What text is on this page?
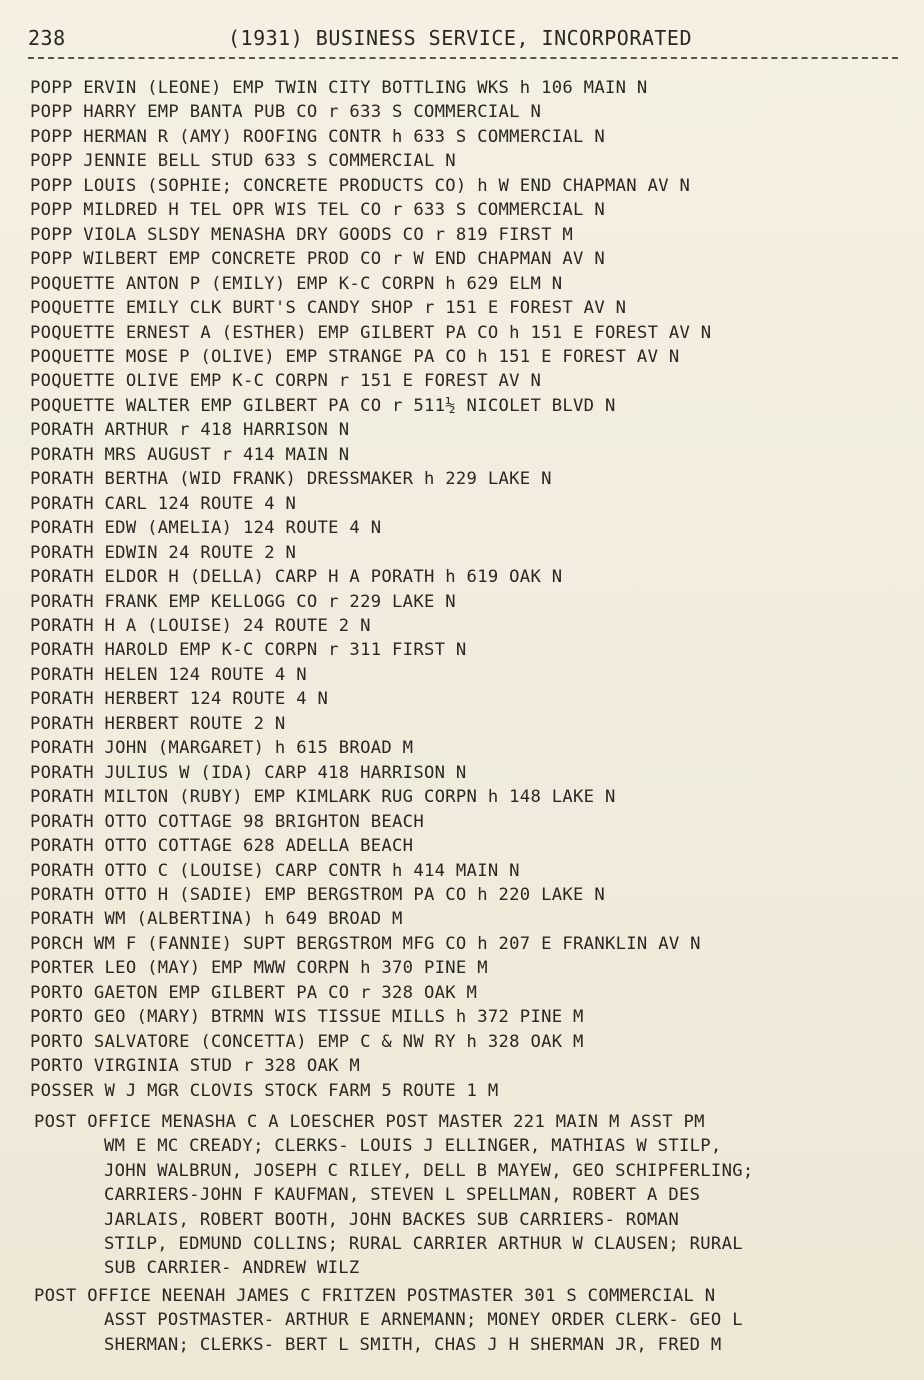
238	(1931) BUSINESS SERVICE, INCORPORATED
POPP ERVIN (LEONE) EMP TWIN CITY BOTTLING WKS h 106 MAIN N
POPP HARRY EMP BANTA PUB CO r 633 S COMMERCIAL N
POPP HERMAN R (AMY) ROOFING CONTR h 633 S COMMERCIAL N
POPP JENNIE BELL STUD 633 S COMMERCIAL N
POPP LOUIS (SOPHIE; CONCRETE PRODUCTS CO) h W END CHAPMAN AV N
POPP MILDRED H TEL OPR WIS TEL CO r 633 S COMMERCIAL N
POPP VIOLA SLSDY MENASHA DRY GOODS CO r 819 FIRST M
POPP WILBERT EMP CONCRETE PROD CO r W END CHAPMAN AV N
POQUETTE ANTON P (EMILY) EMP K-C CORPN h 629 ELM N
POQUETTE EMILY CLK BURT'S CANDY SHOP r 151 E FOREST AV N
POQUETTE ERNEST A (ESTHER) EMP GILBERT PA CO h 151 E FOREST AV N
POQUETTE MOSE P (OLIVE) EMP STRANGE PA CO h 151 E FOREST AV N
POQUETTE OLIVE EMP K-C CORPN r 151 E FOREST AV N
POQUETTE WALTER EMP GILBERT PA CO r 511½ NICOLET BLVD N
PORATH ARTHUR r 418 HARRISON N
PORATH MRS AUGUST r 414 MAIN N
PORATH BERTHA (WID FRANK) DRESSMAKER h 229 LAKE N
PORATH CARL 124 ROUTE 4 N
PORATH EDW (AMELIA) 124 ROUTE 4 N
PORATH EDWIN 24 ROUTE 2 N
PORATH ELDOR H (DELLA) CARP H A PORATH h 619 OAK N
PORATH FRANK EMP KELLOGG CO r 229 LAKE N
PORATH H A (LOUISE) 24 ROUTE 2 N
PORATH HAROLD EMP K-C CORPN r 311 FIRST N
PORATH HELEN 124 ROUTE 4 N
PORATH HERBERT 124 ROUTE 4 N
PORATH HERBERT ROUTE 2 N
PORATH JOHN (MARGARET) h 615 BROAD M
PORATH JULIUS W (IDA) CARP 418 HARRISON N
PORATH MILTON (RUBY) EMP KIMLARK RUG CORPN h 148 LAKE N
PORATH OTTO COTTAGE 98 BRIGHTON BEACH
PORATH OTTO COTTAGE 628 ADELLA BEACH
PORATH OTTO C (LOUISE) CARP CONTR h 414 MAIN N
PORATH OTTO H (SADIE) EMP BERGSTROM PA CO h 220 LAKE N
PORATH WM (ALBERTINA) h 649 BROAD M
PORCH WM F (FANNIE) SUPT BERGSTROM MFG CO h 207 E FRANKLIN AV N
PORTER LEO (MAY) EMP MWW CORPN h 370 PINE M
PORTO GAETON EMP GILBERT PA CO r 328 OAK M
PORTO GEO (MARY) BTRMN WIS TISSUE MILLS h 372 PINE M
PORTO SALVATORE (CONCETTA) EMP C & NW RY h 328 OAK M
PORTO VIRGINIA STUD r 328 OAK M
POSSER W J MGR CLOVIS STOCK FARM 5 ROUTE 1 M
POST OFFICE MENASHA C A LOESCHER POST MASTER 221 MAIN M ASST PM
WM E MC CREADY; CLERKS- LOUIS J ELLINGER, MATHIAS W STILP,
JOHN WALBRUN, JOSEPH C RILEY, DELL B MAYEW, GEO SCHIPFERLING;
CARRIERS-JOHN F KAUFMAN, STEVEN L SPELLMAN, ROBERT A DES
JARLAIS, ROBERT BOOTH, JOHN BACKES SUB CARRIERS- ROMAN
STILP, EDMUND COLLINS; RURAL CARRIER ARTHUR W CLAUSEN; RURAL
SUB CARRIER- ANDREW WILZ
POST OFFICE NEENAH JAMES C FRITZEN POSTMASTER 301 S COMMERCIAL N
ASST POSTMASTER- ARTHUR E ARNEMANN; MONEY ORDER CLERK- GEO L
SHERMAN; CLERKS- BERT L SMITH, CHAS J H SHERMAN JR, FRED M
